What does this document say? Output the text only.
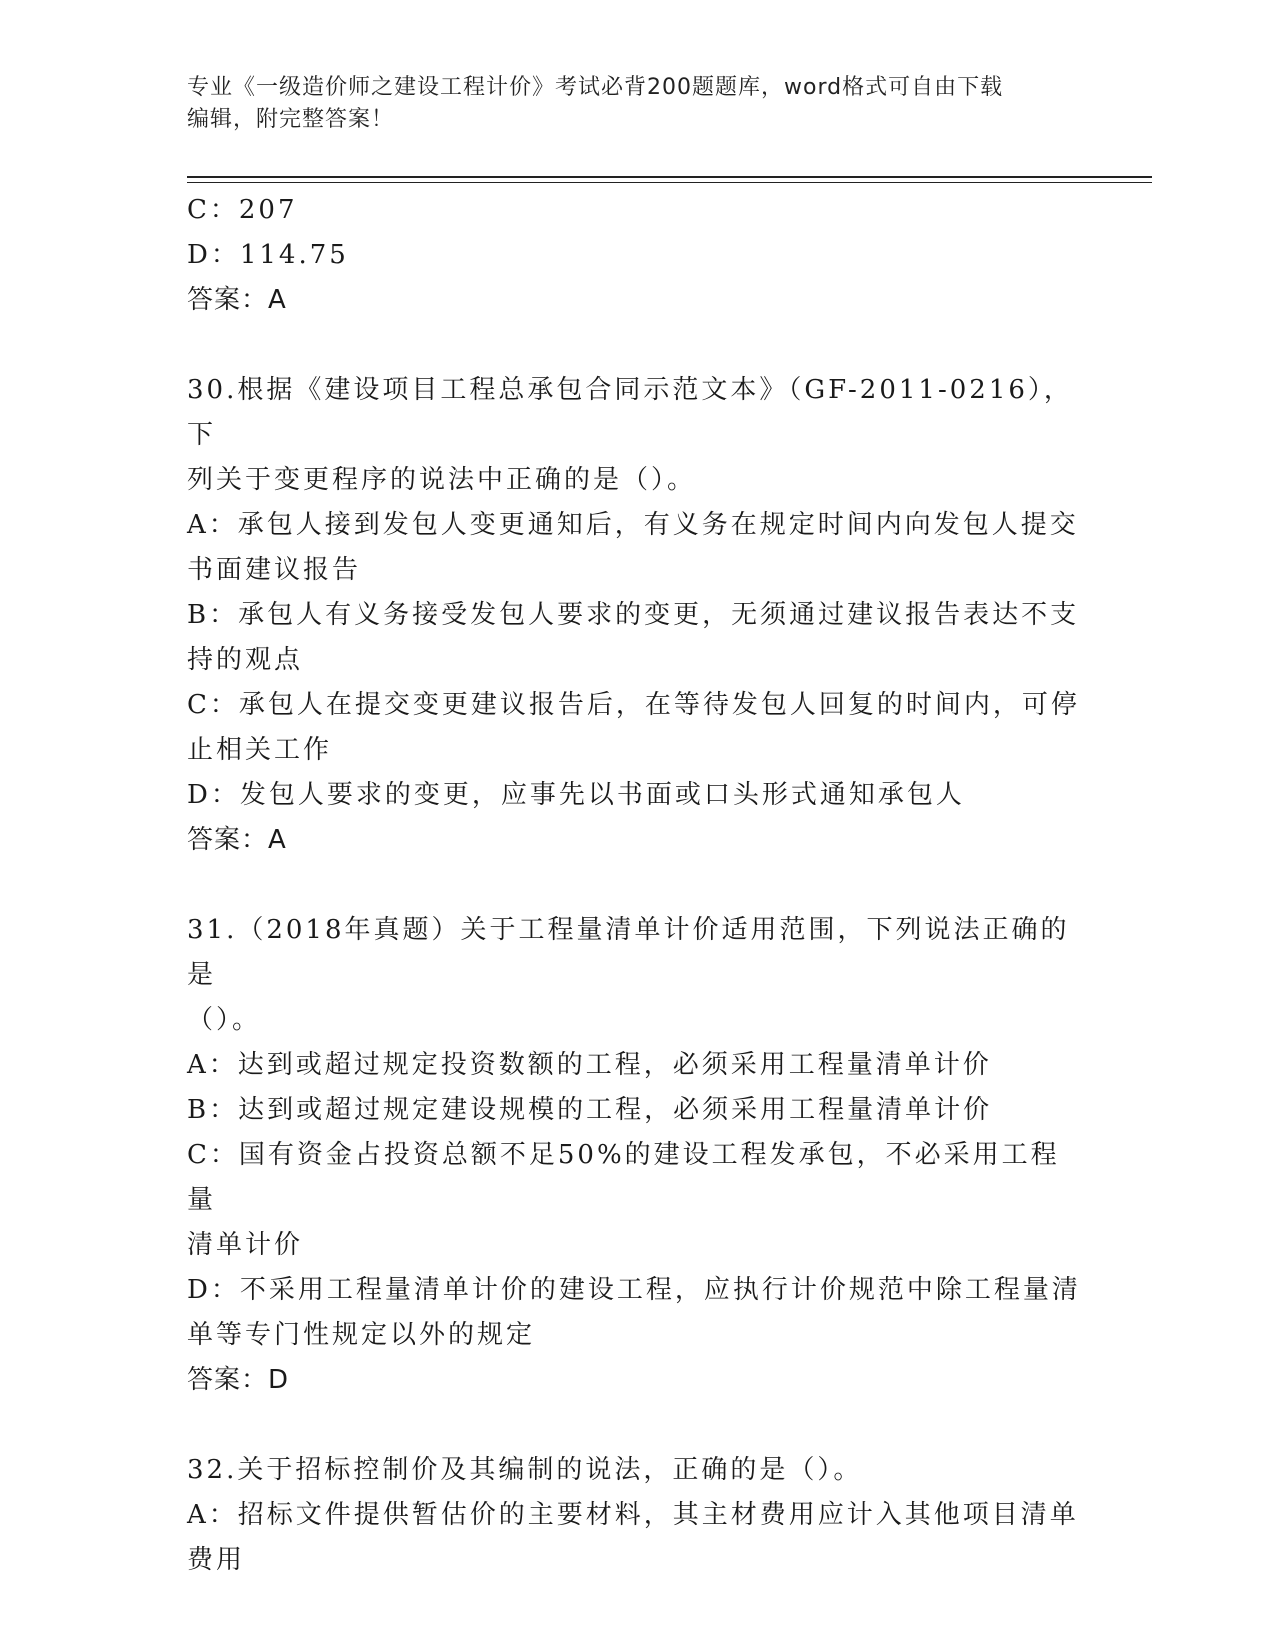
专业《一级造价师之建设工程计价》考试必背200题题库，word格式可自由下载
编辑，附完整答案！
C：207
D：114.75
答案：A
30.根据《建设项目工程总承包合同示范文本》（GF-2011-0216），下
列关于变更程序的说法中正确的是（）。
A：承包人接到发包人变更通知后，有义务在规定时间内向发包人提交
书面建议报告
B：承包人有义务接受发包人要求的变更，无须通过建议报告表达不支
持的观点
C：承包人在提交变更建议报告后，在等待发包人回复的时间内，可停
止相关工作
D：发包人要求的变更，应事先以书面或口头形式通知承包人
答案：A
31.（2018年真题）关于工程量清单计价适用范围，下列说法正确的是
（）。
A：达到或超过规定投资数额的工程，必须采用工程量清单计价
B：达到或超过规定建设规模的工程，必须采用工程量清单计价
C：国有资金占投资总额不足50%的建设工程发承包，不必采用工程量
清单计价
D：不采用工程量清单计价的建设工程，应执行计价规范中除工程量清
单等专门性规定以外的规定
答案：D
32.关于招标控制价及其编制的说法，正确的是（）。
A：招标文件提供暂估价的主要材料，其主材费用应计入其他项目清单
费用
